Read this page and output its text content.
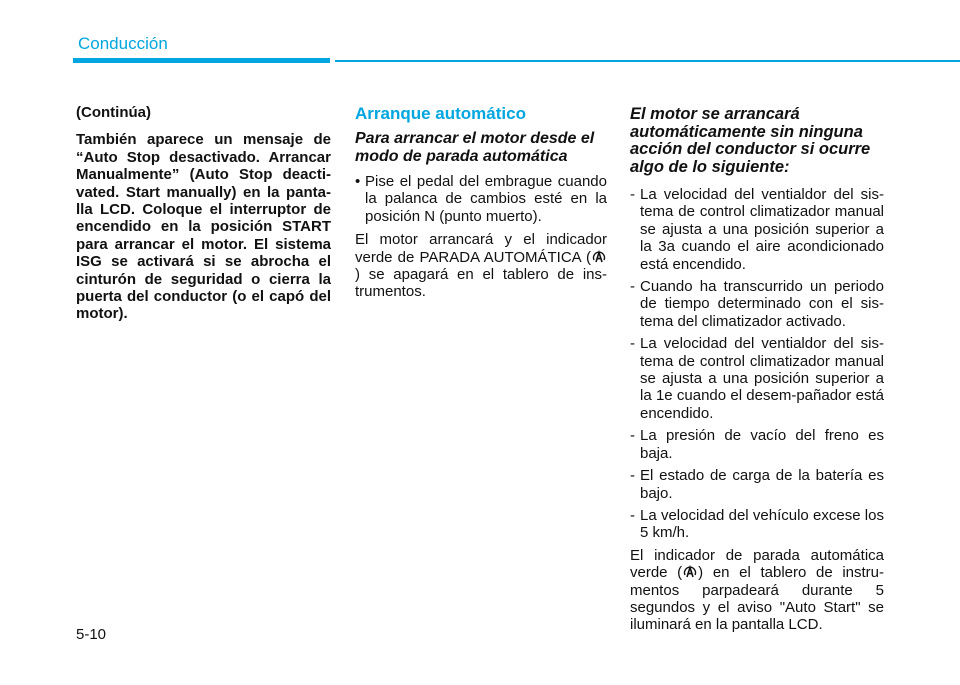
Conducción
(Continúa)

También aparece un mensaje de “Auto Stop desactivado. Arrancar Manualmente” (Auto Stop deacti-vated. Start manually) en la panta-lla LCD. Coloque el interruptor de encendido en la posición START para arrancar el motor. El sistema ISG se activará si se abrocha el cinturón de seguridad o cierra la puerta del conductor (o el capó del motor).

Arranque automático
Para arrancar el motor desde el modo de parada automática
• Pise el pedal del embrague cuando la palanca de cambios esté en la posición N (punto muerto).

El motor arrancará y el indicador verde de PARADA AUTOMÁTICA (
) se apagará en el tablero de ins-trumentos.

El motor se arrancará automáticamente sin ninguna acción del conductor si ocurre algo de lo siguiente:
- La velocidad del ventialdor del sis-tema de control climatizador manual se ajusta a una posición superior a la 3a cuando el aire acondicionado está encendido.
- Cuando ha transcurrido un periodo de tiempo determinado con el sis-tema del climatizador activado.
- La velocidad del ventialdor del sis-tema de control climatizador manual se ajusta a una posición superior a la 1e cuando el desem-pañador está encendido.
- La presión de vacío del freno es baja.
- El estado de carga de la batería es bajo.
- La velocidad del vehículo excese los 5 km/h.

El indicador de parada automática verde ( ) en el tablero de instru-mentos parpadeará durante 5 segundos y el aviso "Auto Start" se iluminará en la pantalla LCD.

5-10
